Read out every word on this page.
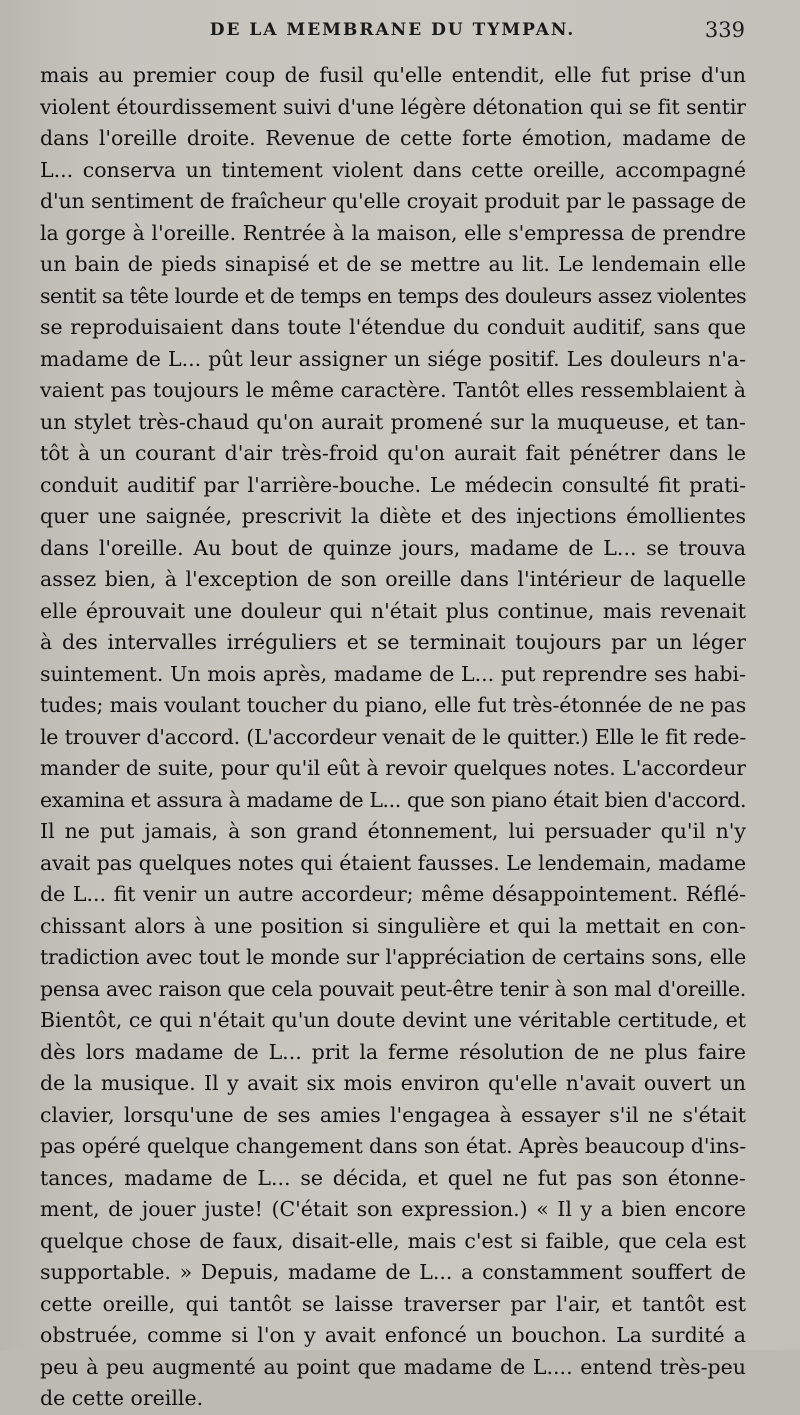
DE LA MEMBRANE DU TYMPAN.	339
mais au premier coup de fusil qu'elle entendit, elle fut prise d'un
violent étourdissement suivi d'une légère détonation qui se fit sentir
dans l'oreille droite. Revenue de cette forte émotion, madame de
L... conserva un tintement violent dans cette oreille, accompagné
d'un sentiment de fraîcheur qu'elle croyait produit par le passage de
la gorge à l'oreille. Rentrée à la maison, elle s'empressa de prendre
un bain de pieds sinapisé et de se mettre au lit. Le lendemain elle
sentit sa tête lourde et de temps en temps des douleurs assez violentes
se reproduisaient dans toute l'étendue du conduit auditif, sans que
madame de L... pût leur assigner un siége positif. Les douleurs n'a-
vaient pas toujours le même caractère. Tantôt elles ressemblaient à
un stylet très-chaud qu'on aurait promené sur la muqueuse, et tan-
tôt à un courant d'air très-froid qu'on aurait fait pénétrer dans le
conduit auditif par l'arrière-bouche. Le médecin consulté fit prati-
quer une saignée, prescrivit la diète et des injections émollientes
dans l'oreille. Au bout de quinze jours, madame de L... se trouva
assez bien, à l'exception de son oreille dans l'intérieur de laquelle
elle éprouvait une douleur qui n'était plus continue, mais revenait
à des intervalles irréguliers et se terminait toujours par un léger
suintement. Un mois après, madame de L... put reprendre ses habi-
tudes; mais voulant toucher du piano, elle fut très-étonnée de ne pas
le trouver d'accord. (L'accordeur venait de le quitter.) Elle le fit rede-
mander de suite, pour qu'il eût à revoir quelques notes. L'accordeur
examina et assura à madame de L... que son piano était bien d'accord.
Il ne put jamais, à son grand étonnement, lui persuader qu'il n'y
avait pas quelques notes qui étaient fausses. Le lendemain, madame
de L... fit venir un autre accordeur; même désappointement. Réflé-
chissant alors à une position si singulière et qui la mettait en con-
tradiction avec tout le monde sur l'appréciation de certains sons, elle
pensa avec raison que cela pouvait peut-être tenir à son mal d'oreille.
Bientôt, ce qui n'était qu'un doute devint une véritable certitude, et
dès lors madame de L... prit la ferme résolution de ne plus faire
de la musique. Il y avait six mois environ qu'elle n'avait ouvert un
clavier, lorsqu'une de ses amies l'engagea à essayer s'il ne s'était
pas opéré quelque changement dans son état. Après beaucoup d'ins-
tances, madame de L... se décida, et quel ne fut pas son étonne-
ment, de jouer juste! (C'était son expression.) « Il y a bien encore
quelque chose de faux, disait-elle, mais c'est si faible, que cela est
supportable. » Depuis, madame de L... a constamment souffert de
cette oreille, qui tantôt se laisse traverser par l'air, et tantôt est
obstruée, comme si l'on y avait enfoncé un bouchon. La surdité a
peu à peu augmenté au point que madame de L.... entend très-peu
de cette oreille.
